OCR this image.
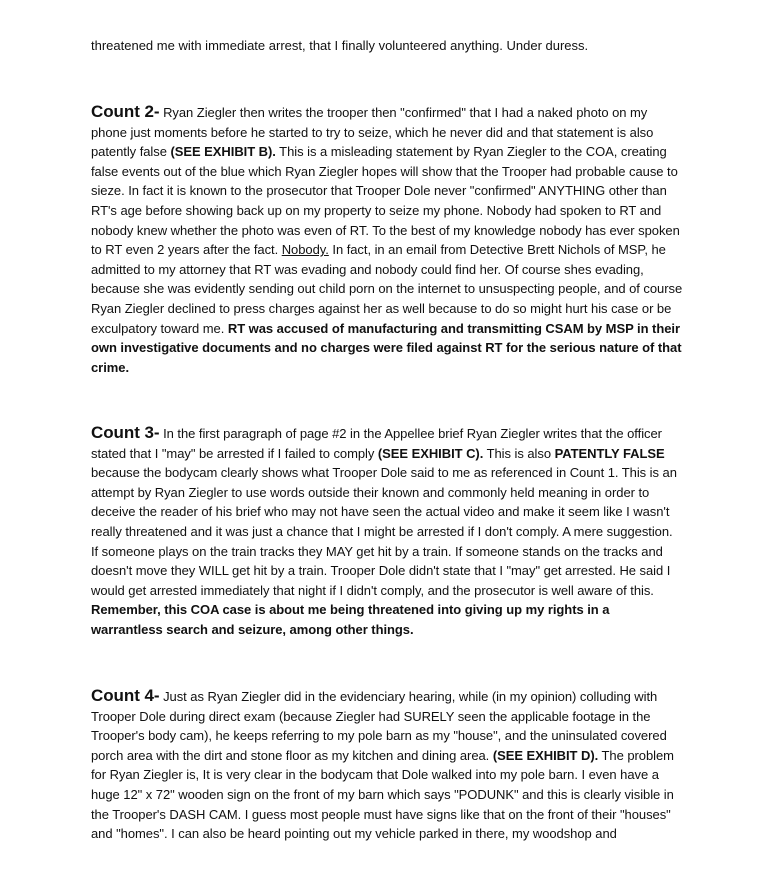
threatened me with immediate arrest, that I finally volunteered anything. Under duress.

Count 2- Ryan Ziegler then writes the trooper then "confirmed" that I had a naked photo on my phone just moments before he started to try to seize, which he never did and that statement is also patently false (SEE EXHIBIT B). This is a misleading statement by Ryan Ziegler to the COA, creating false events out of the blue which Ryan Ziegler hopes will show that the Trooper had probable cause to sieze. In fact it is known to the prosecutor that Trooper Dole never "confirmed" ANYTHING other than RT's age before showing back up on my property to seize my phone. Nobody had spoken to RT and nobody knew whether the photo was even of RT. To the best of my knowledge nobody has ever spoken to RT even 2 years after the fact. Nobody. In fact, in an email from Detective Brett Nichols of MSP, he admitted to my attorney that RT was evading and nobody could find her. Of course shes evading, because she was evidently sending out child porn on the internet to unsuspecting people, and of course Ryan Ziegler declined to press charges against her as well because to do so might hurt his case or be exculpatory toward me. RT was accused of manufacturing and transmitting CSAM by MSP in their own investigative documents and no charges were filed against RT for the serious nature of that crime.

Count 3- In the first paragraph of page #2 in the Appellee brief Ryan Ziegler writes that the officer stated that I "may" be arrested if I failed to comply (SEE EXHIBIT C). This is also PATENTLY FALSE because the bodycam clearly shows what Trooper Dole said to me as referenced in Count 1. This is an attempt by Ryan Ziegler to use words outside their known and commonly held meaning in order to deceive the reader of his brief who may not have seen the actual video and make it seem like I wasn't really threatened and it was just a chance that I might be arrested if I don't comply. A mere suggestion. If someone plays on the train tracks they MAY get hit by a train. If someone stands on the tracks and doesn't move they WILL get hit by a train. Trooper Dole didn't state that I "may" get arrested. He said I would get arrested immediately that night if I didn't comply, and the prosecutor is well aware of this. Remember, this COA case is about me being threatened into giving up my rights in a warrantless search and seizure, among other things.

Count 4- Just as Ryan Ziegler did in the evidenciary hearing, while (in my opinion) colluding with Trooper Dole during direct exam (because Ziegler had SURELY seen the applicable footage in the Trooper's body cam), he keeps referring to my pole barn as my "house", and the uninsulated covered porch area with the dirt and stone floor as my kitchen and dining area. (SEE EXHIBIT D). The problem for Ryan Ziegler is, It is very clear in the bodycam that Dole walked into my pole barn. I even have a huge 12" x 72" wooden sign on the front of my barn which says "PODUNK" and this is clearly visible in the Trooper's DASH CAM. I guess most people must have signs like that on the front of their "houses" and "homes". I can also be heard pointing out my vehicle parked in there, my woodshop and
